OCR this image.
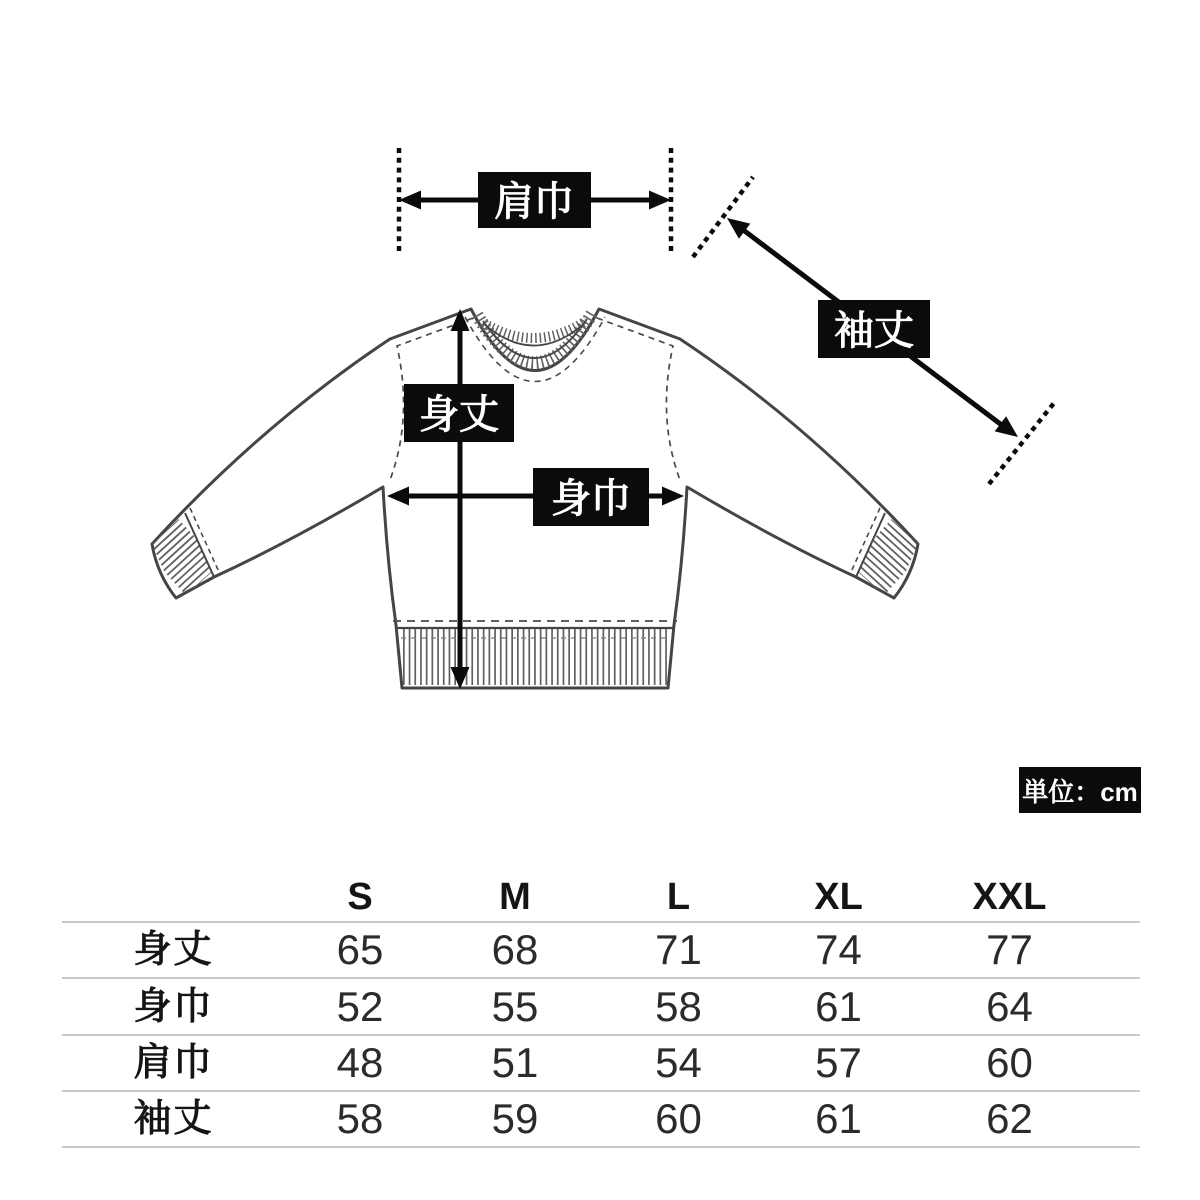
肩巾
袖丈
身丈
身巾
単位：cm
S	M	L	XL	XXL
身丈	65	68	71	74	77
身巾	52	55	58	61	64
肩巾	48	51	54	57	60
袖丈	58	59	60	61	62
